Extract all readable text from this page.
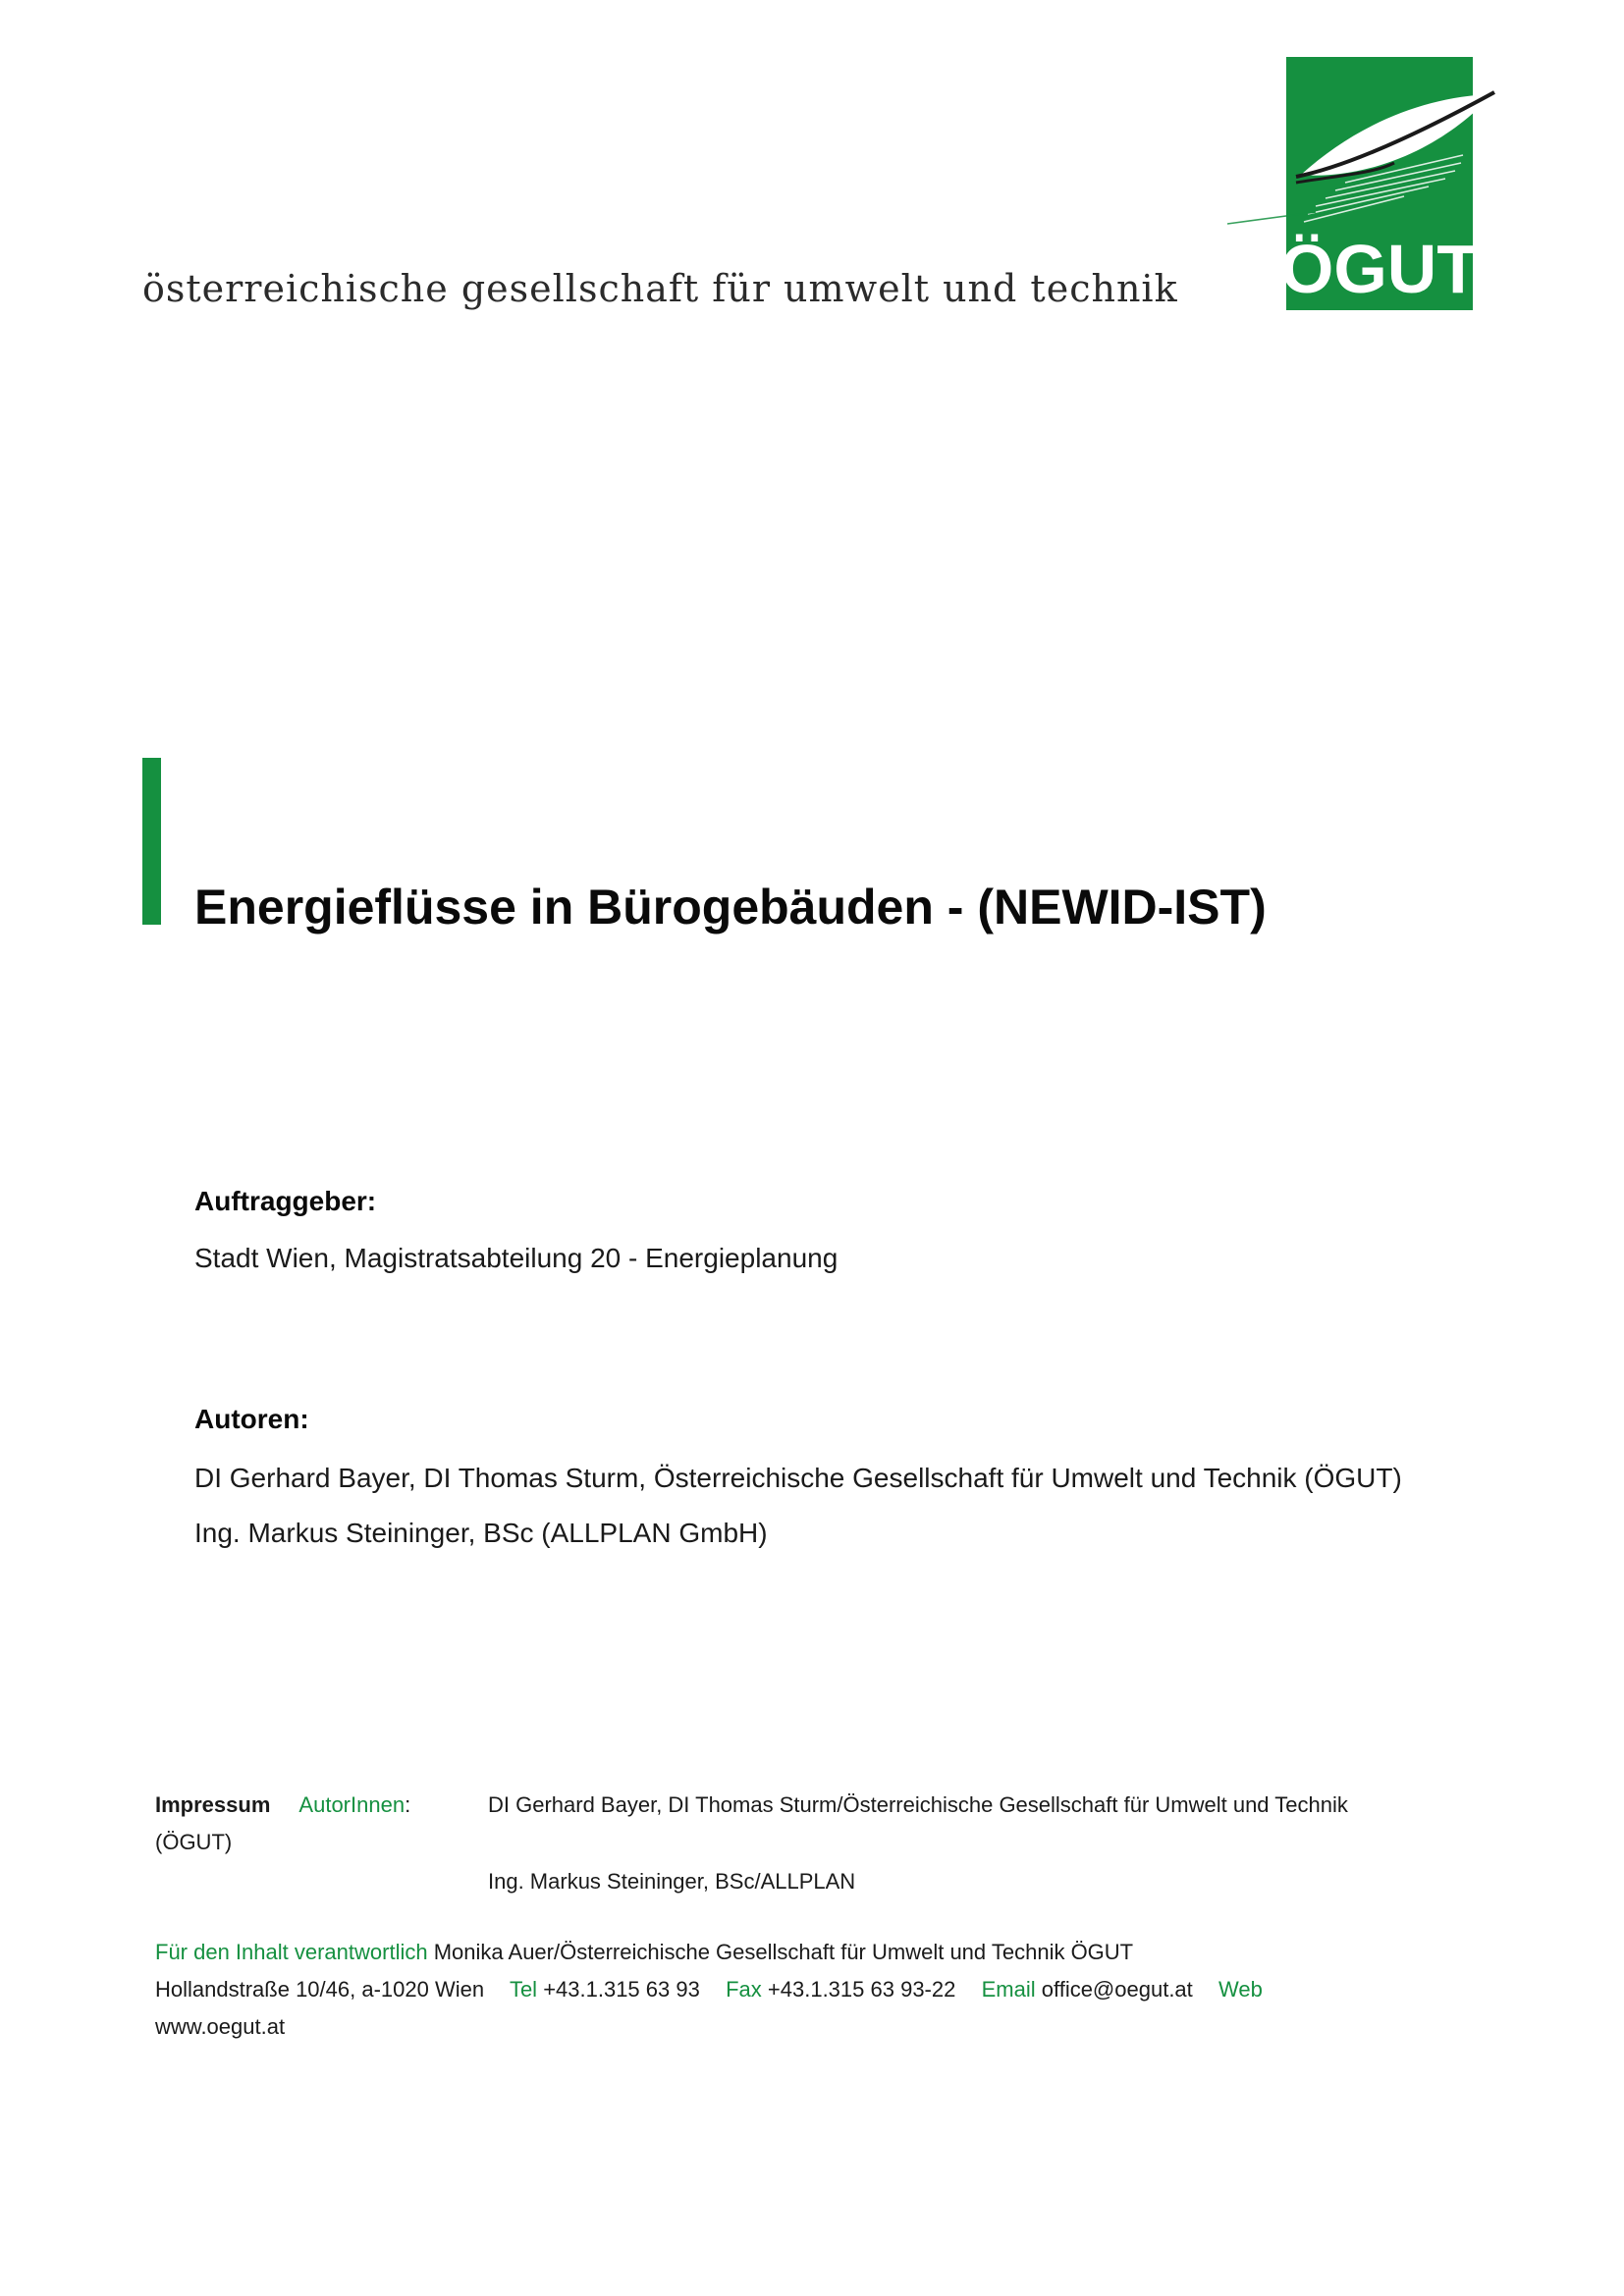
österreichische gesellschaft für umwelt und technik ÖGUT
Energieflüsse in Bürogebäuden - (NEWID-IST)
Auftraggeber:
Stadt Wien, Magistratsabteilung 20 - Energieplanung
Autoren:
DI Gerhard Bayer, DI Thomas Sturm, Österreichische Gesellschaft für Umwelt und Technik (ÖGUT)
Ing. Markus Steininger, BSc (ALLPLAN GmbH)
Impressum AutorInnen:	DI Gerhard Bayer, DI Thomas Sturm/Österreichische Gesellschaft für Umwelt und Technik
(ÖGUT)
Ing. Markus Steininger, BSc/ALLPLAN
Für den Inhalt verantwortlich Monika Auer/Österreichische Gesellschaft für Umwelt und Technik ÖGUT
Hollandstraße 10/46, a-1020 Wien Tel +43.1.315 63 93 Fax +43.1.315 63 93-22 Email office@oegut.at Web
www.oegut.at
